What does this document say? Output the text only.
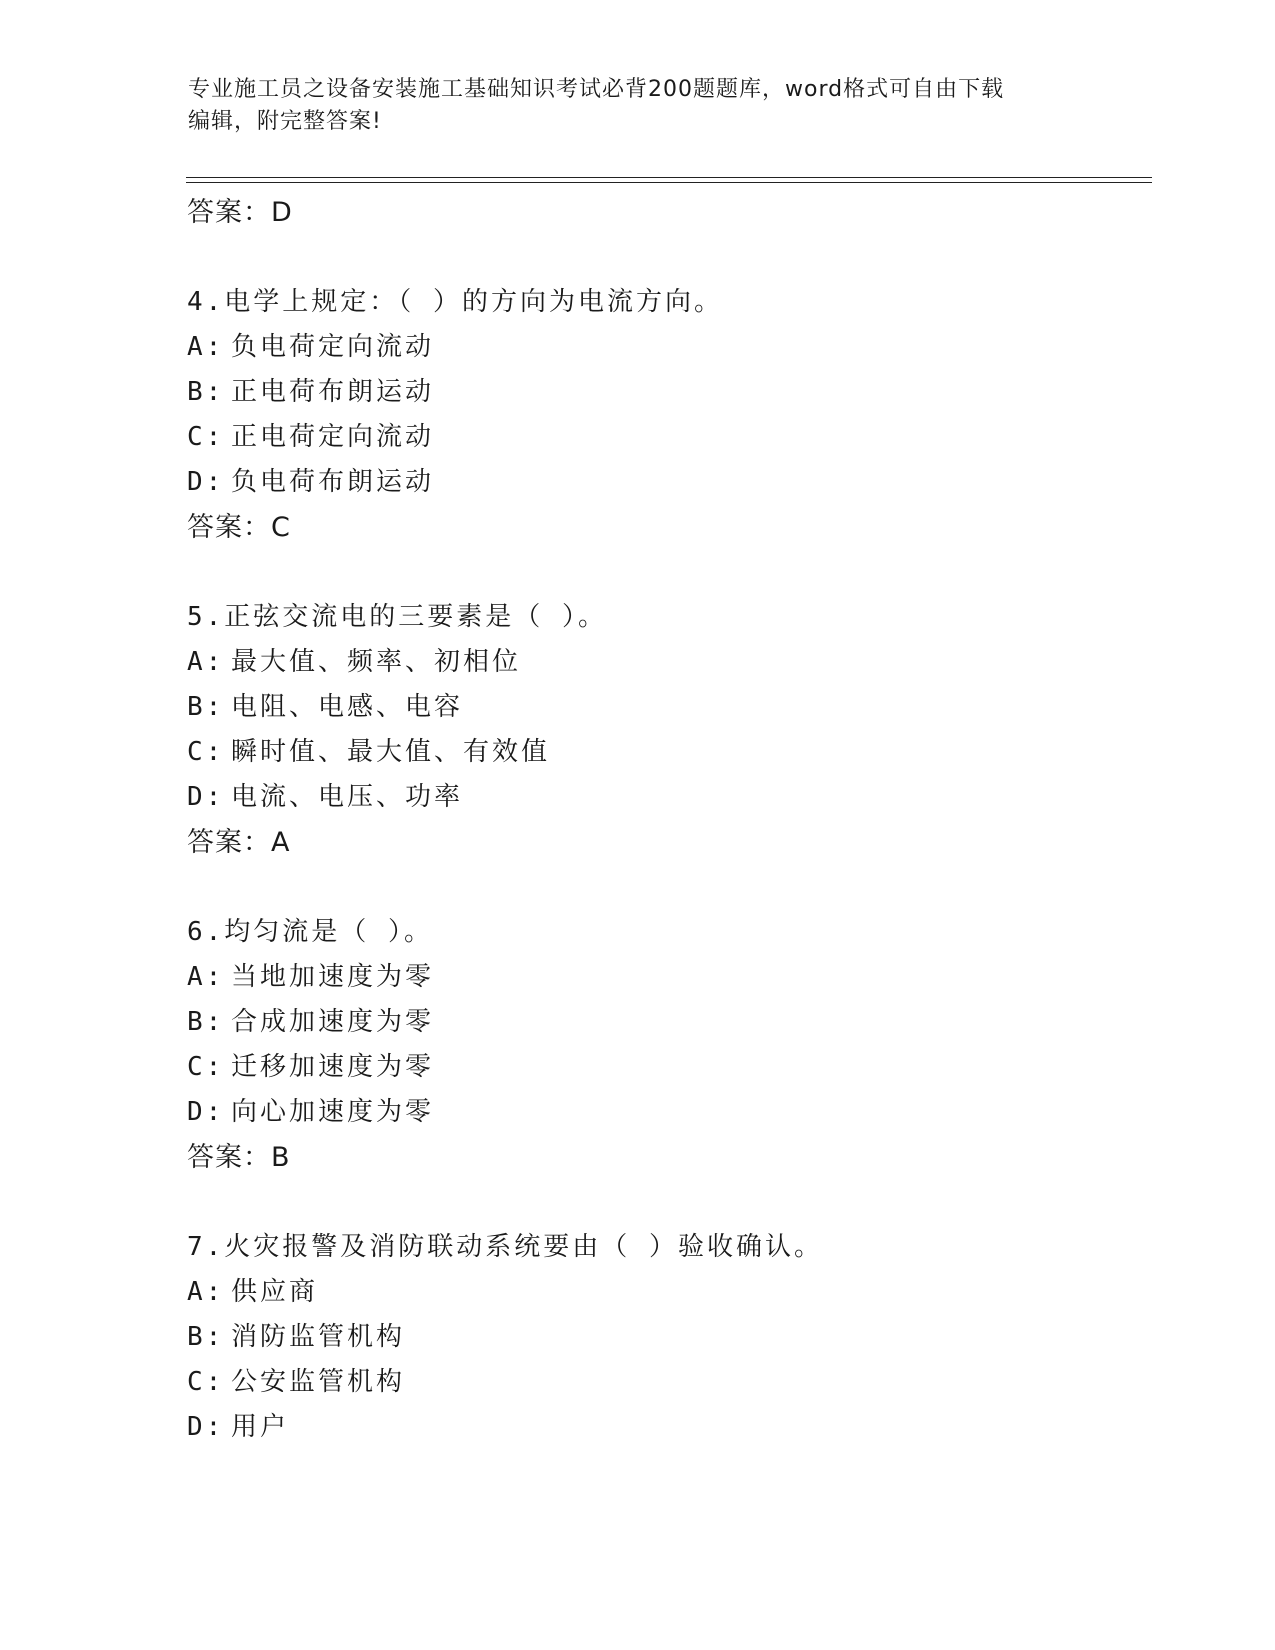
专业施工员之设备安装施工基础知识考试必背200题题库，word格式可自由下载
编辑，附完整答案!
答案：D
4.电学上规定：（ ）的方向为电流方向。
A: 负电荷定向流动
B: 正电荷布朗运动
C: 正电荷定向流动
D: 负电荷布朗运动
答案：C
5.正弦交流电的三要素是（ ）。
A: 最大值、频率、初相位
B: 电阻、电感、电容
C: 瞬时值、最大值、有效值
D: 电流、电压、功率
答案：A
6.均匀流是（ ）。
A: 当地加速度为零
B: 合成加速度为零
C: 迁移加速度为零
D: 向心加速度为零
答案：B
7.火灾报警及消防联动系统要由（ ）验收确认。
A: 供应商
B: 消防监管机构
C: 公安监管机构
D: 用户
